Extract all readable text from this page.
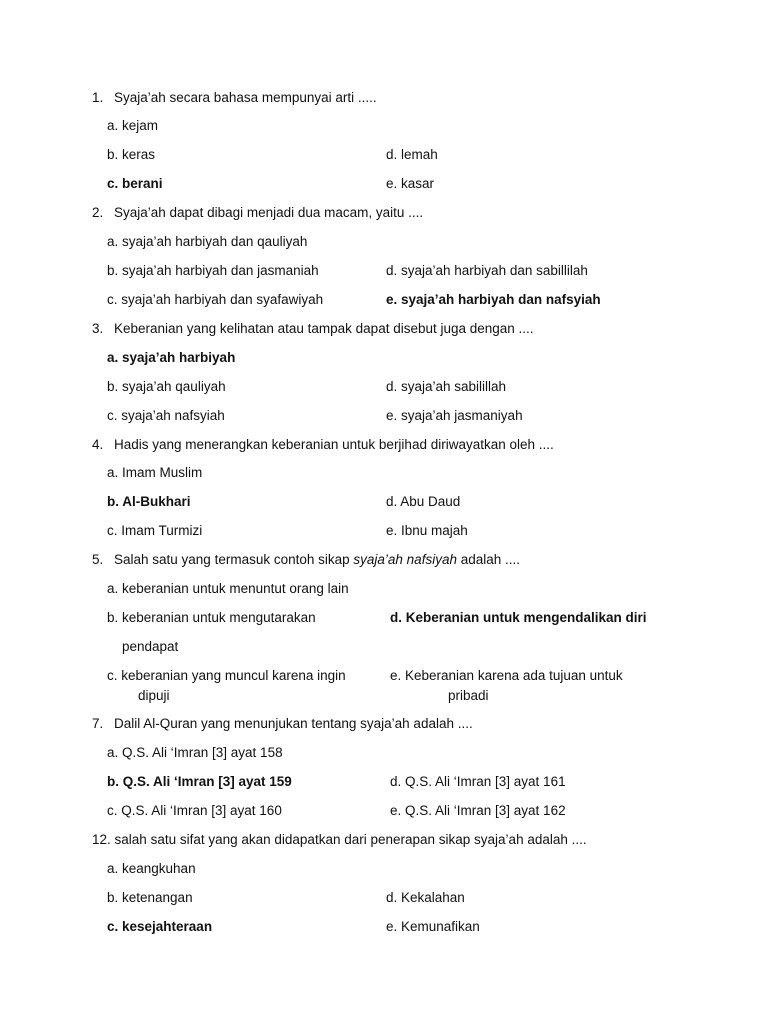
1. Syaja’ah secara bahasa mempunyai arti .....
a. kejam
b. keras	d. lemah
c. berani	e. kasar
2. Syaja’ah dapat dibagi menjadi dua macam, yaitu ....
a. syaja’ah harbiyah dan qauliyah
b. syaja’ah harbiyah dan jasmaniah	d. syaja’ah harbiyah dan sabillilah
c. syaja’ah harbiyah dan syafawiyah	e. syaja’ah harbiyah dan nafsyiah
3. Keberanian yang kelihatan atau tampak dapat disebut juga dengan ....
a. syaja’ah harbiyah
b. syaja’ah qauliyah	d. syaja’ah sabilillah
c. syaja’ah nafsyiah	e. syaja’ah jasmaniyah
4. Hadis yang menerangkan keberanian untuk berjihad diriwayatkan oleh ....
a. Imam Muslim
b. Al-Bukhari	d. Abu Daud
c. Imam Turmizi	e. Ibnu majah
5. Salah satu yang termasuk contoh sikap syaja’ah nafsiyah adalah ....
a. keberanian untuk menuntut orang lain
b. keberanian untuk mengutarakan	d. Keberanian untuk mengendalikan diri
pendapat
c. keberanian yang muncul karena ingin	e. Keberanian karena ada tujuan untuk
dipuji	pribadi
7. Dalil Al-Quran yang menunjukan tentang syaja’ah adalah ....
a. Q.S. Ali ‘Imran [3] ayat 158
b. Q.S. Ali ‘Imran [3] ayat 159	d. Q.S. Ali ‘Imran [3] ayat 161
c. Q.S. Ali ‘Imran [3] ayat 160	e. Q.S. Ali ‘Imran [3] ayat 162
12. salah satu sifat yang akan didapatkan dari penerapan sikap syaja’ah adalah ....
a. keangkuhan
b. ketenangan	d. Kekalahan
c. kesejahteraan	e. Kemunafikan
